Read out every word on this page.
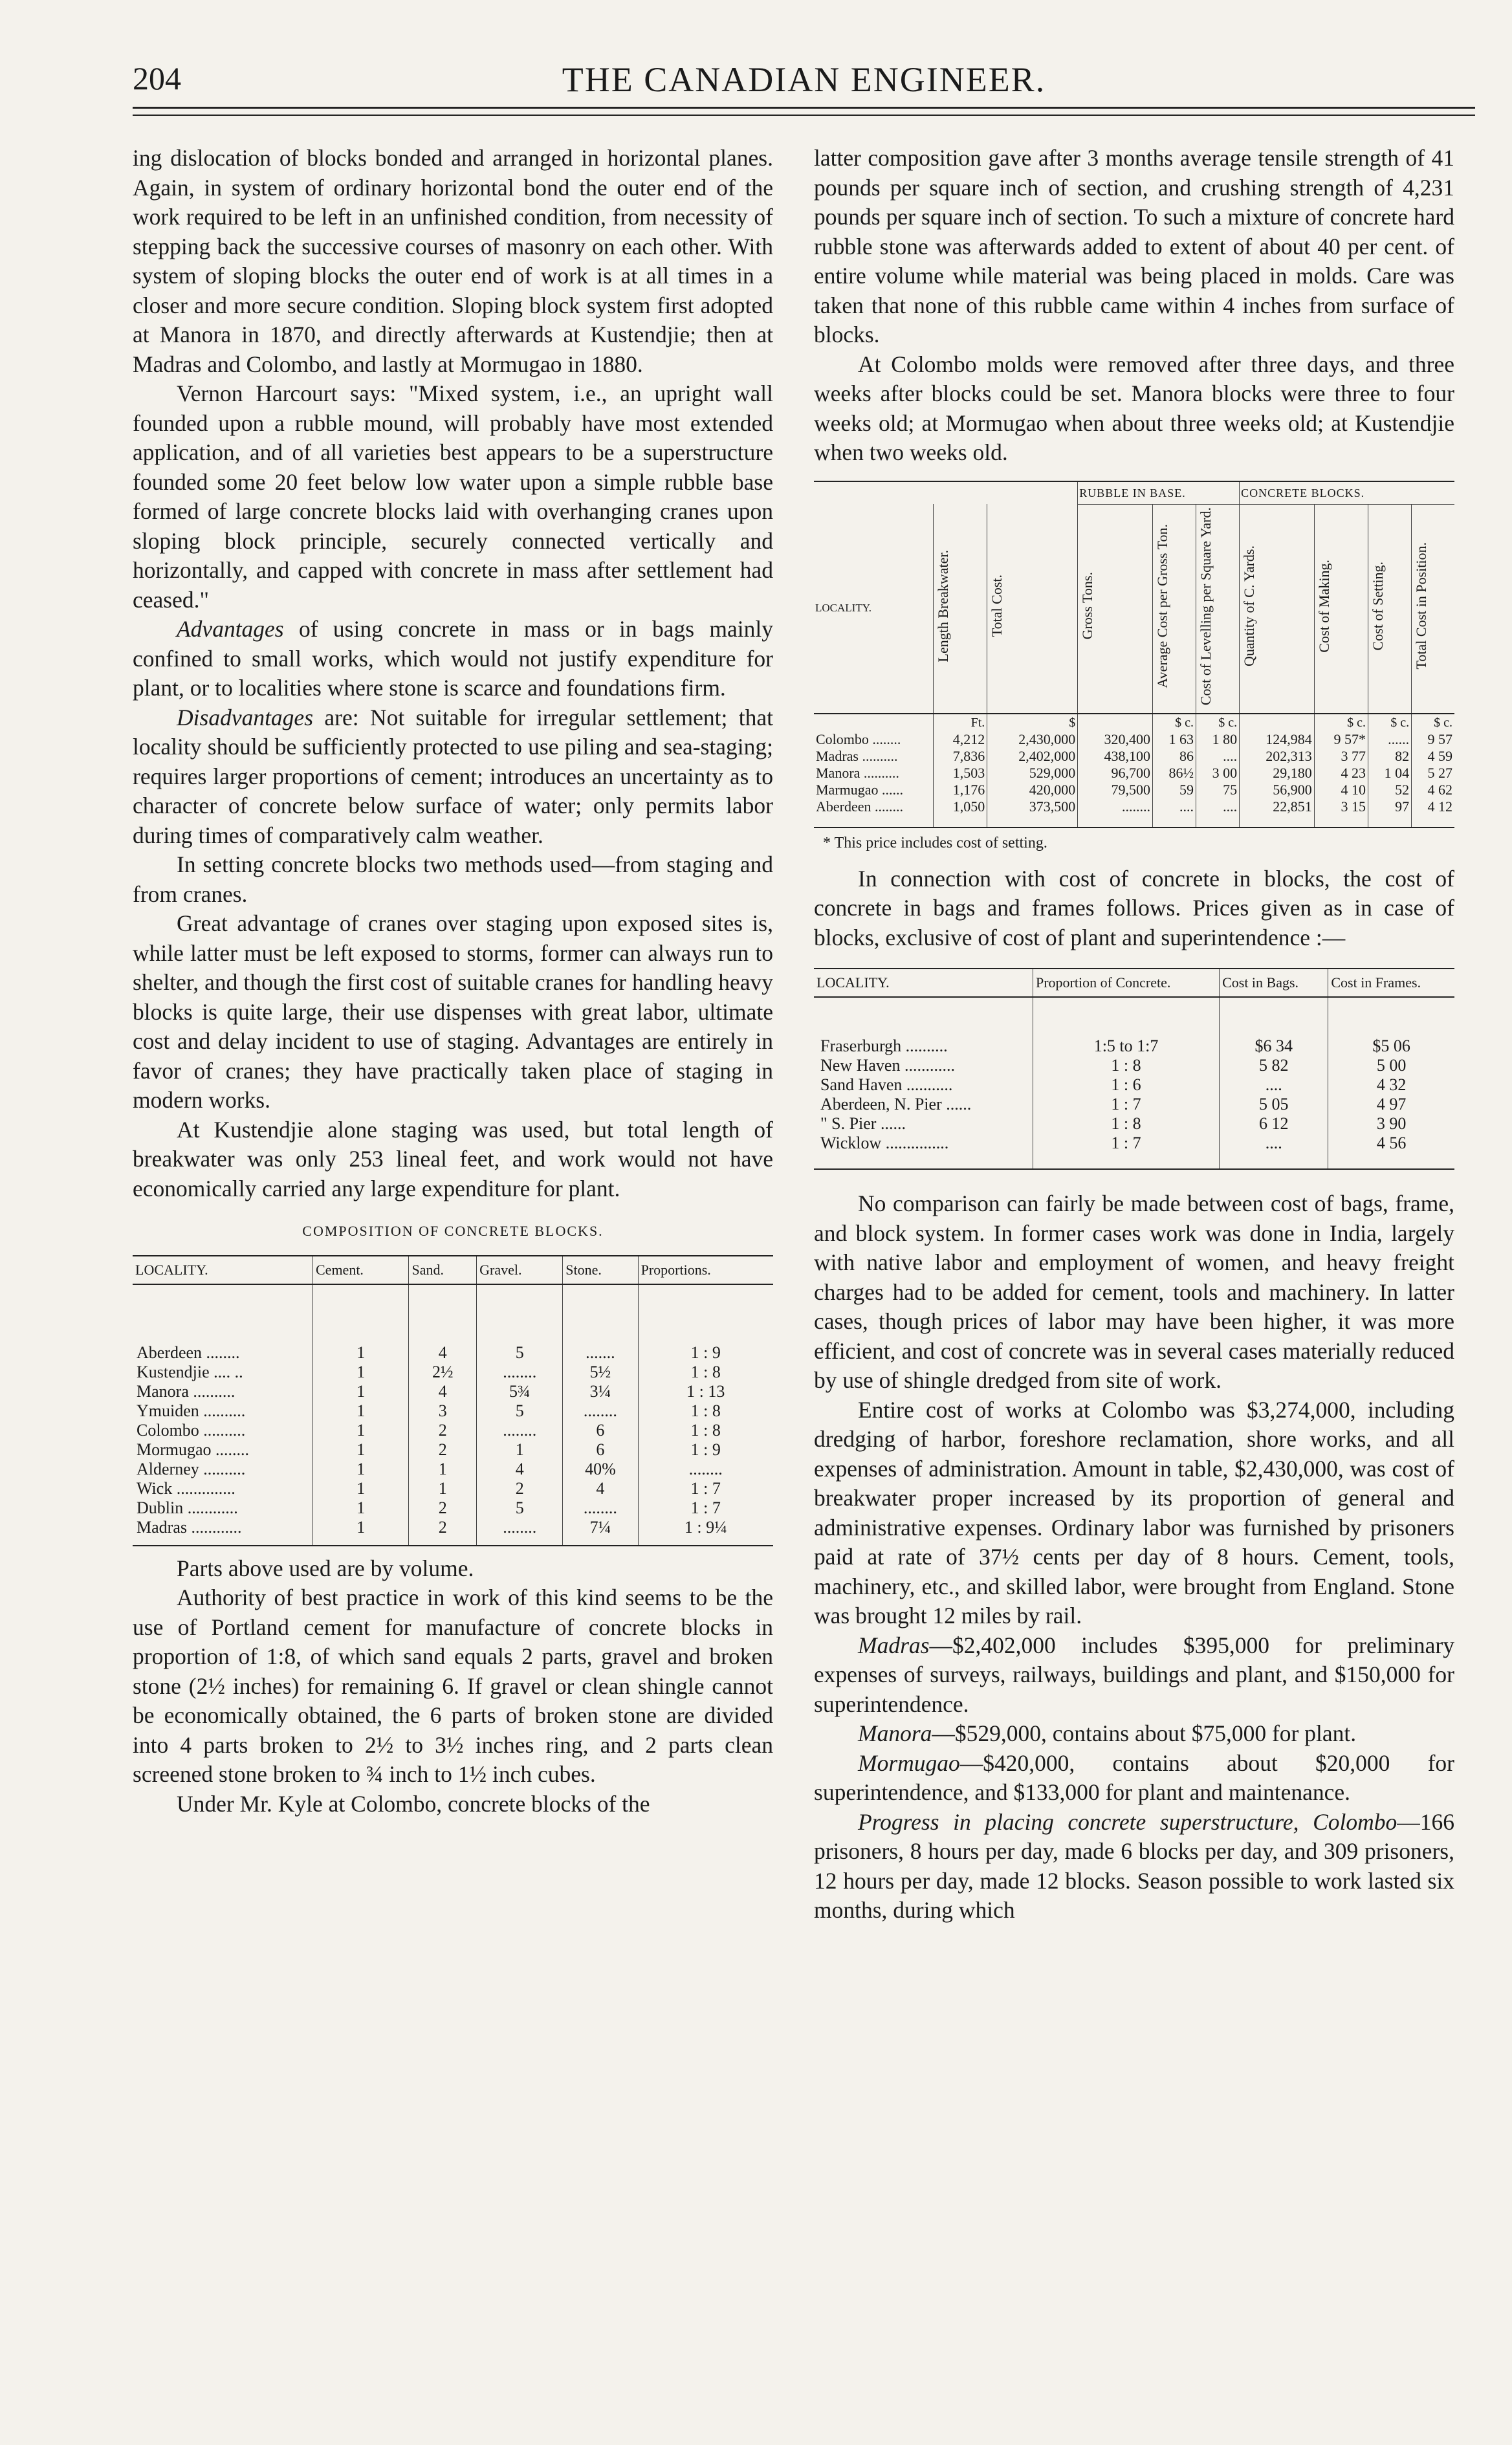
204	THE CANADIAN ENGINEER.

ing dislocation of blocks bonded and arranged in horizontal planes. Again, in system of ordinary horizontal bond the outer end of the work required to be left in an unfinished condition, from necessity of stepping back the successive courses of masonry on each other. With system of sloping blocks the outer end of work is at all times in a closer and more secure condition. Sloping block system first adopted at Manora in 1870, and directly afterwards at Kustendjie; then at Madras and Colombo, and lastly at Mormugao in 1880.

Vernon Harcourt says: "Mixed system, i.e., an upright wall founded upon a rubble mound, will probably have most extended application, and of all varieties best appears to be a superstructure founded some 20 feet below low water upon a simple rubble base formed of large concrete blocks laid with overhanging cranes upon sloping block principle, securely connected vertically and horizontally, and capped with concrete in mass after settlement had ceased."

Advantages of using concrete in mass or in bags mainly confined to small works, which would not justify expenditure for plant, or to localities where stone is scarce and foundations firm.

Disadvantages are: Not suitable for irregular settlement; that locality should be sufficiently protected to use piling and sea-staging; requires larger proportions of cement; introduces an uncertainty as to character of concrete below surface of water; only permits labor during times of comparatively calm weather.

In setting concrete blocks two methods used—from staging and from cranes.

Great advantage of cranes over staging upon exposed sites is, while latter must be left exposed to storms, former can always run to shelter, and though the first cost of suitable cranes for handling heavy blocks is quite large, their use dispenses with great labor, ultimate cost and delay incident to use of staging. Advantages are entirely in favor of cranes; they have practically taken place of staging in modern works.

At Kustendjie alone staging was used, but total length of breakwater was only 253 lineal feet, and work would not have economically carried any large expenditure for plant.

COMPOSITION OF CONCRETE BLOCKS.
LOCALITY.	Cement.	Sand.	Gravel.	Stone.	Proportions.
Aberdeen ........	1	4	5	.......	1 : 9
Kustendjie .... ..	1	2½	........	5½	1 : 8
Manora ..........	1	4	5¾	3¼	1 : 13
Ymuiden ..........	1	3	5	........	1 : 8
Colombo ..........	1	2	........	6	1 : 8
Mormugao ........	1	2	1	6	1 : 9
Alderney ..........	1	1	4	40%	........
Wick ..............	1	1	2	4	1 : 7
Dublin ............	1	2	5	........	1 : 7
Madras ............	1	2	........	7¼	1 : 9¼

Parts above used are by volume.

Authority of best practice in work of this kind seems to be the use of Portland cement for manufacture of concrete blocks in proportion of 1:8, of which sand equals 2 parts, gravel and broken stone (2½ inches) for remaining 6. If gravel or clean shingle cannot be economically obtained, the 6 parts of broken stone are divided into 4 parts broken to 2½ to 3½ inches ring, and 2 parts clean screened stone broken to ¾ inch to 1½ inch cubes.

Under Mr. Kyle at Colombo, concrete blocks of the

latter composition gave after 3 months average tensile strength of 41 pounds per square inch of section, and crushing strength of 4,231 pounds per square inch of section. To such a mixture of concrete hard rubble stone was afterwards added to extent of about 40 per cent. of entire volume while material was being placed in molds. Care was taken that none of this rubble came within 4 inches from surface of blocks.

At Colombo molds were removed after three days, and three weeks after blocks could be set. Manora blocks were three to four weeks old; at Mormugao when about three weeks old; at Kustendjie when two weeks old.

			RUBBLE IN BASE.			CONCRETE BLOCKS.			
LOCALITY.	Length Breakwater.	Total Cost.	Gross Tons.	Average Cost per Gross Ton.	Cost of Levelling per Square Yard.	Quantity of C. Yards.	Cost of Making.	Cost of Setting.	Total Cost in Position.
	Ft.	$		$ c.	$ c.		$ c.	$ c.	$ c.
Colombo ........	4,212	2,430,000	320,400	1 63	1 80	124,984	9 57*	......	9 57
Madras ..........	7,836	2,402,000	438,100	86	....	202,313	3 77	82	4 59
Manora ..........	1,503	529,000	96,700	86½	3 00	29,180	4 23	1 04	5 27
Marmugao ......	1,176	420,000	79,500	59	75	56,900	4 10	52	4 62
Aberdeen ........	1,050	373,500	........	....	....	22,851	3 15	97	4 12

* This price includes cost of setting.

In connection with cost of concrete in blocks, the cost of concrete in bags and frames follows. Prices given as in case of blocks, exclusive of cost of plant and superintendence :—

LOCALITY.	Proportion of Concrete.	Cost in Bags.	Cost in Frames.
Fraserburgh ..........	1:5 to 1:7	$6 34	$5 06
New Haven ............	1 : 8	5 82	5 00
Sand Haven ...........	1 : 6	....	4 32
Aberdeen, N. Pier ......	1 : 7	5 05	4 97
" S. Pier ......	1 : 8	6 12	3 90
Wicklow ...............	1 : 7	....	4 56

No comparison can fairly be made between cost of bags, frame, and block system. In former cases work was done in India, largely with native labor and employment of women, and heavy freight charges had to be added for cement, tools and machinery. In latter cases, though prices of labor may have been higher, it was more efficient, and cost of concrete was in several cases materially reduced by use of shingle dredged from site of work.

Entire cost of works at Colombo was $3,274,000, including dredging of harbor, foreshore reclamation, shore works, and all expenses of administration. Amount in table, $2,430,000, was cost of breakwater proper increased by its proportion of general and administrative expenses. Ordinary labor was furnished by prisoners paid at rate of 37½ cents per day of 8 hours. Cement, tools, machinery, etc., and skilled labor, were brought from England. Stone was brought 12 miles by rail.

Madras—$2,402,000 includes $395,000 for preliminary expenses of surveys, railways, buildings and plant, and $150,000 for superintendence.

Manora—$529,000, contains about $75,000 for plant.

Mormugao—$420,000, contains about $20,000 for superintendence, and $133,000 for plant and maintenance.

Progress in placing concrete superstructure, Colombo—166 prisoners, 8 hours per day, made 6 blocks per day, and 309 prisoners, 12 hours per day, made 12 blocks. Season possible to work lasted six months, during which
